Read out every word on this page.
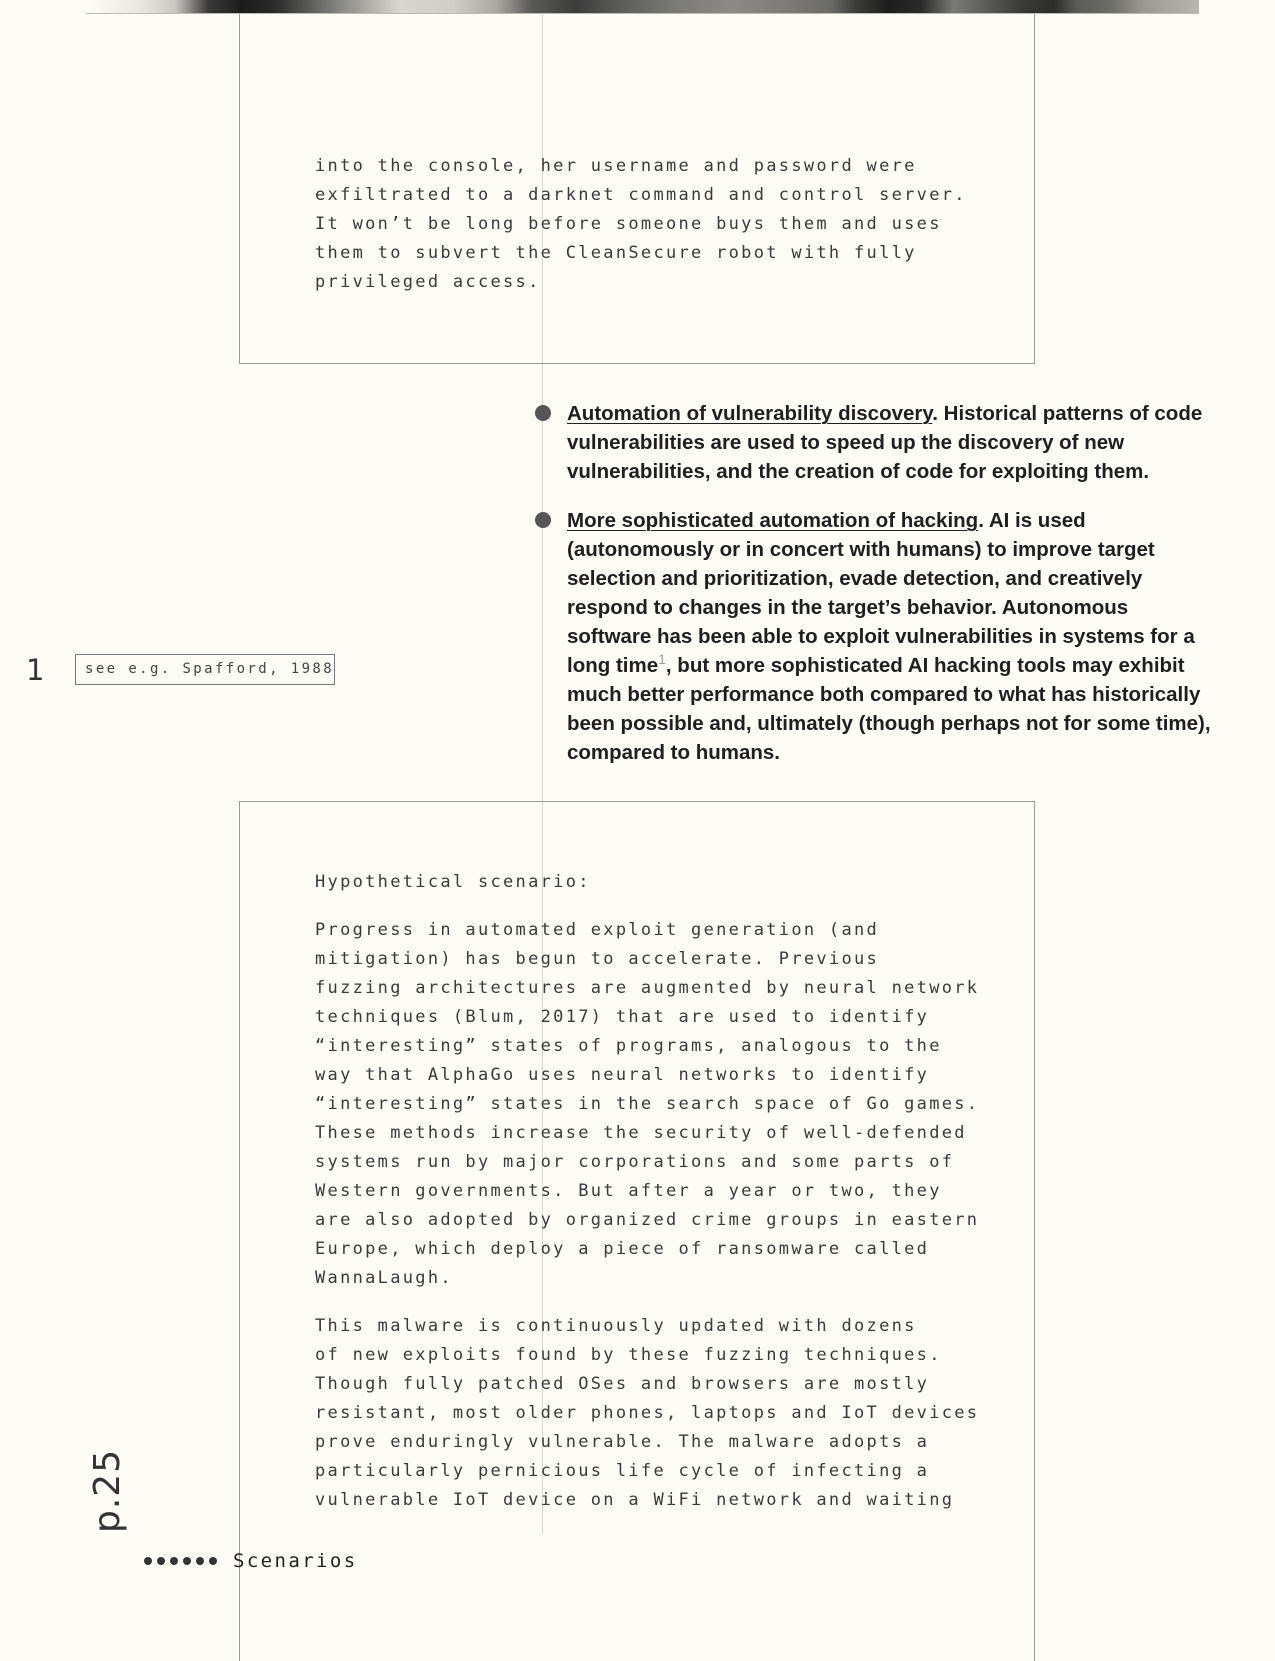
into the console, her username and password were
exfiltrated to a darknet command and control server.
It won’t be long before someone buys them and uses
them to subvert the CleanSecure robot with fully
privileged access.
Automation of vulnerability discovery. Historical patterns of code vulnerabilities are used to speed up the discovery of new vulnerabilities, and the creation of code for exploiting them.
More sophisticated automation of hacking. AI is used (autonomously or in concert with humans) to improve target selection and prioritization, evade detection, and creatively respond to changes in the target’s behavior. Autonomous software has been able to exploit vulnerabilities in systems for a long time$^1$, but more sophisticated AI hacking tools may exhibit much better performance both compared to what has historically been possible and, ultimately (though perhaps not for some time), compared to humans.
1	see e.g. Spafford, 1988
Hypothetical scenario:
Progress in automated exploit generation (and
mitigation) has begun to accelerate. Previous
fuzzing architectures are augmented by neural network
techniques (Blum, 2017) that are used to identify
“interesting” states of programs, analogous to the
way that AlphaGo uses neural networks to identify
“interesting” states in the search space of Go games.
These methods increase the security of well-defended
systems run by major corporations and some parts of
Western governments. But after a year or two, they
are also adopted by organized crime groups in eastern
Europe, which deploy a piece of ransomware called
WannaLaugh.
This malware is continuously updated with dozens
of new exploits found by these fuzzing techniques.
Though fully patched OSes and browsers are mostly
resistant, most older phones, laptops and IoT devices
prove enduringly vulnerable. The malware adopts a
particularly pernicious life cycle of infecting a
vulnerable IoT device on a WiFi network and waiting
p.25
Scenarios
